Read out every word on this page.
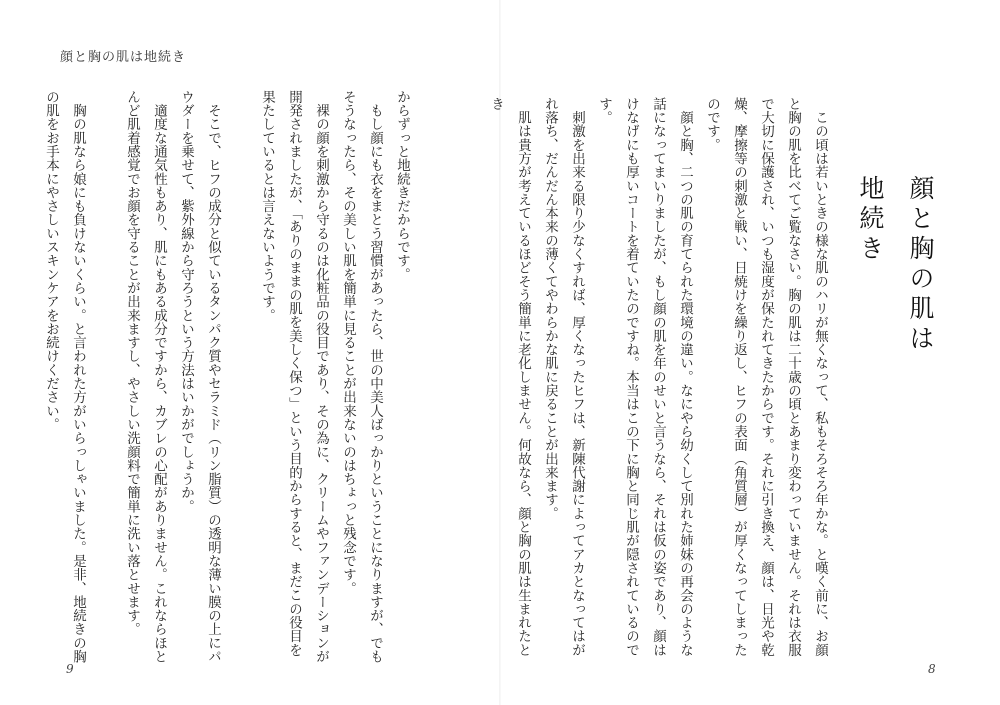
顔と胸の肌は地続き
顔と胸の肌は地続き

　この頃は若いときの様な肌のハリが無くなって、私もそろそろ年かな。と嘆く前に、お顔と胸の肌を比べてご覧なさい。胸の肌は二十歳の頃とあまり変わっていません。それは衣服で大切に保護され、いつも湿度が保たれてきたからです。それに引き換え、顔は、日光や乾燥、摩擦等の刺激と戦い、日焼けを繰り返し、ヒフの表面（角質層）が厚くなってしまったのです。

　顔と胸、二つの肌の育てられた環境の違い。なにやら幼くして別れた姉妹の再会のような話になってまいりましたが、もし顔の肌を年のせいと言うなら、それは仮の姿であり、顔はけなげにも厚いコートを着ていたのですね。本当はこの下に胸と同じ肌が隠されているのです。

　刺激を出来る限り少なくすれば、厚くなったヒフは、新陳代謝によってアカとなってはがれ落ち、だんだん本来の薄くてやわらかな肌に戻ることが出来ます。

　肌は貴方が考えているほどそう簡単に老化しません。何故なら、顔と胸の肌は生まれたとき

からずっと地続きだからです。

　もし顔にも衣をまとう習慣があったら、世の中美人ばっかりということになりますが、でもそうなったら、その美しい肌を簡単に見ることが出来ないのはちょっと残念です。

　裸の顔を刺激から守るのは化粧品の役目であり、その為に、クリームやファンデーションが開発されましたが、「ありのままの肌を美しく保つ」という目的からすると、まだこの役目を果たしているとは言えないようです。

　そこで、ヒフの成分と似ているタンパク質やセラミド（リン脂質）の透明な薄い膜の上にパウダーを乗せて、紫外線から守ろうという方法はいかがでしょうか。

　適度な通気性もあり、肌にもある成分ですから、カブレの心配がありません。これならほとんど肌着感覚でお顔を守ることが出来ますし、やさしい洗顔料で簡単に洗い落とせます。

　胸の肌なら娘にも負けないくらい。と言われた方がいらっしゃいました。是非、地続きの胸の肌をお手本にやさしいスキンケアをお続けください。

9	8
